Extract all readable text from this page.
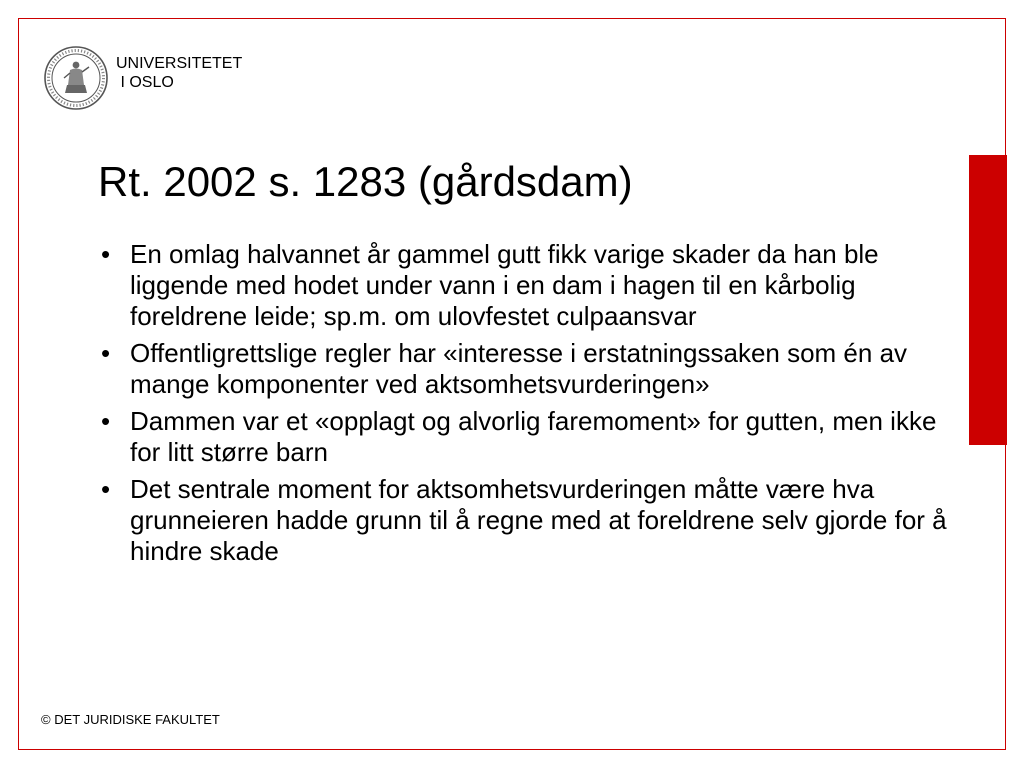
UNIVERSITETET
I OSLO
Rt. 2002 s. 1283 (gårdsdam)
• En omlag halvannet år gammel gutt fikk varige skader da han ble liggende med hodet under vann i en dam i hagen til en kårbolig foreldrene leide; sp.m. om ulovfestet culpaansvar
• Offentligrettslige regler har «interesse i erstatningssaken som én av mange komponenter ved aktsomhetsvurderingen»
• Dammen var et «opplagt og alvorlig faremoment» for gutten, men ikke for litt større barn
• Det sentrale moment for aktsomhetsvurderingen måtte være hva grunneieren hadde grunn til å regne med at foreldrene selv gjorde for å hindre skade
© DET JURIDISKE FAKULTET
